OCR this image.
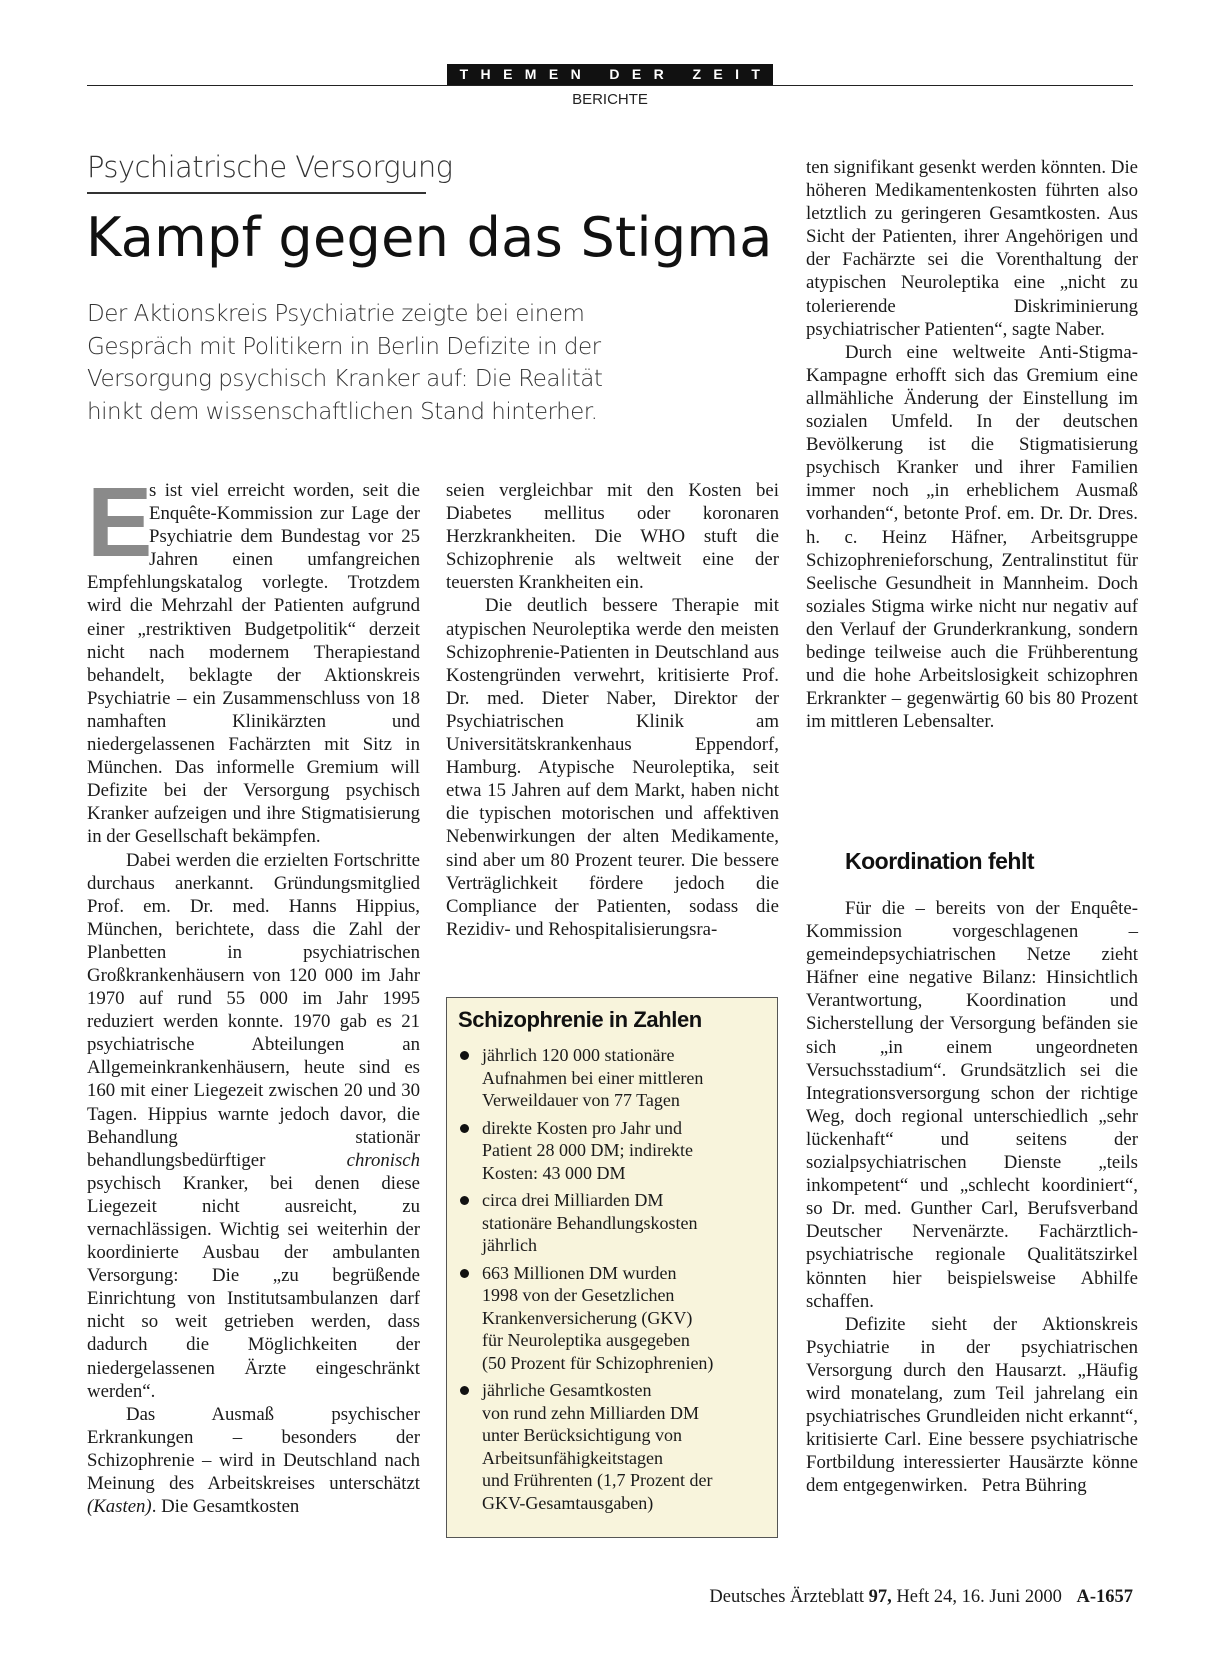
THEMEN DER ZEIT
BERICHTE
Psychiatrische Versorgung
Kampf gegen das Stigma
Der Aktionskreis Psychiatrie zeigte bei einem
Gespräch mit Politikern in Berlin Defizite in der
Versorgung psychisch Kranker auf: Die Realität
hinkt dem wissenschaftlichen Stand hinterher.

E
s ist viel erreicht worden, seit die Enquête-Kommission zur Lage der Psychiatrie dem Bundestag vor 25 Jahren einen umfangreichen Empfehlungskatalog vorlegte. Trotzdem wird die Mehrzahl der Patienten aufgrund einer „restriktiven Budgetpolitik“ derzeit nicht nach modernem Therapiestand behandelt, beklagte der Aktionskreis Psychiatrie – ein Zusammenschluss von 18 namhaften Klinikärzten und niedergelassenen Fachärzten mit Sitz in München. Das informelle Gremium will Defizite bei der Versorgung psychisch Kranker aufzeigen und ihre Stigmatisierung in der Gesellschaft bekämpfen.

Dabei werden die erzielten Fortschritte durchaus anerkannt. Gründungsmitglied Prof. em. Dr. med. Hanns Hippius, München, berichtete, dass die Zahl der Planbetten in psychiatrischen Großkrankenhäusern von 120 000 im Jahr 1970 auf rund 55 000 im Jahr 1995 reduziert werden konnte. 1970 gab es 21 psychiatrische Abteilungen an Allgemeinkrankenhäusern, heute sind es 160 mit einer Liegezeit zwischen 20 und 30 Tagen. Hippius warnte jedoch davor, die Behandlung stationär behandlungsbedürftiger	chronisch psychisch Kranker, bei denen diese Liegezeit nicht ausreicht, zu vernachlässigen. Wichtig sei weiterhin der koordinierte Ausbau der ambulanten Versorgung: Die „zu begrüßende Einrichtung von Institutsambulanzen darf nicht so weit getrieben werden, dass dadurch die Möglichkeiten der niedergelassenen Ärzte eingeschränkt werden“.

Das Ausmaß psychischer Erkrankungen – besonders der Schizophrenie – wird in Deutschland nach Meinung des Arbeitskreises unterschätzt (Kasten). Die Gesamtkosten

seien vergleichbar mit den Kosten bei Diabetes mellitus oder koronaren Herzkrankheiten. Die WHO stuft die Schizophrenie als weltweit eine der teuersten Krankheiten ein.

Die deutlich bessere Therapie mit atypischen Neuroleptika werde den meisten Schizophrenie-Patienten in Deutschland aus Kostengründen verwehrt, kritisierte Prof. Dr. med. Dieter Naber, Direktor der Psychiatrischen Klinik am Universitätskrankenhaus Eppendorf, Hamburg. Atypische Neuroleptika, seit etwa 15 Jahren auf dem Markt, haben nicht die typischen motorischen und affektiven Nebenwirkungen der alten Medikamente, sind aber um 80 Prozent teurer. Die bessere Verträglichkeit fördere jedoch die Compliance der Patienten, sodass die Rezidiv- und Rehospitalisierungsra-

Schizophrenie in Zahlen
jährlich 120 000 stationäre
Aufnahmen bei einer mittleren
Verweildauer von 77 Tagen
direkte Kosten pro Jahr und
Patient 28 000 DM; indirekte
Kosten: 43 000 DM
circa drei Milliarden DM
stationäre Behandlungskosten
jährlich
663 Millionen DM wurden
1998 von der Gesetzlichen
Krankenversicherung (GKV)
für Neuroleptika ausgegeben
(50 Prozent für Schizophrenien)
jährliche Gesamtkosten
von rund zehn Milliarden DM
unter Berücksichtigung von
Arbeitsunfähigkeitstagen
und Frührenten (1,7 Prozent der
GKV-Gesamtausgaben)

ten signifikant gesenkt werden könnten. Die höheren Medikamentenkosten führten also letztlich zu geringeren Gesamtkosten. Aus Sicht der Patienten, ihrer Angehörigen und der Fachärzte sei die Vorenthaltung der atypischen Neuroleptika eine „nicht zu tolerierende Diskriminierung psychiatrischer Patienten“, sagte Naber.

Durch eine weltweite Anti-Stigma-Kampagne erhofft sich das Gremium eine allmähliche Änderung der Einstellung im sozialen Umfeld. In der deutschen Bevölkerung ist die Stigmatisierung psychisch Kranker und ihrer Familien immer noch „in erheblichem Ausmaß vorhanden“, betonte Prof. em. Dr. Dr. Dres. h. c. Heinz Häfner, Arbeitsgruppe Schizophrenieforschung, Zentralinstitut für Seelische Gesundheit in Mannheim. Doch soziales Stigma wirke nicht nur negativ auf den Verlauf der Grunderkrankung, sondern bedinge teilweise auch die Frühberentung und die hohe Arbeitslosigkeit schizophren Erkrankter – gegenwärtig 60 bis 80 Prozent im mittleren Lebensalter.

Koordination fehlt

Für die – bereits von der Enquête-Kommission vorgeschlagenen – gemeindepsychiatrischen Netze zieht Häfner eine negative Bilanz: Hinsichtlich Verantwortung, Koordination und Sicherstellung der Versorgung befänden sie sich „in einem ungeordneten Versuchsstadium“. Grundsätzlich sei die Integrationsversorgung schon der richtige Weg, doch regional unterschiedlich „sehr lückenhaft“ und seitens der sozialpsychiatrischen Dienste „teils inkompetent“ und „schlecht koordiniert“, so Dr. med. Gunther Carl, Berufsverband Deutscher Nervenärzte. Fachärztlich-psychiatrische regionale Qualitätszirkel könnten hier beispielsweise Abhilfe schaffen.

Defizite sieht der Aktionskreis Psychiatrie in der psychiatrischen Versorgung durch den Hausarzt. „Häufig wird monatelang, zum Teil jahrelang ein psychiatrisches Grundleiden nicht erkannt“, kritisierte Carl. Eine bessere psychiatrische Fortbildung interessierter Hausärzte könne dem entgegenwirken. Petra Bühring

Deutsches Ärzteblatt 97, Heft 24, 16. Juni 2000 A-1657
